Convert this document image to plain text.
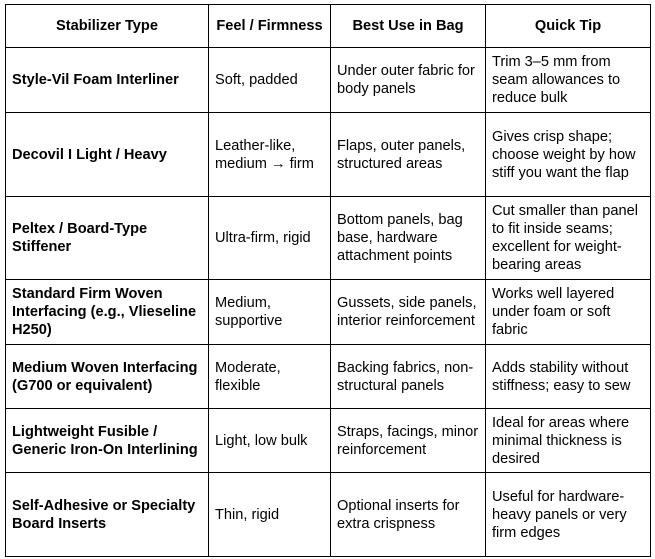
Stabilizer Type	Feel / Firmness	Best Use in Bag	Quick Tip
Style-Vil Foam Interliner	Soft, padded	Under outer fabric for body panels	Trim 3–5 mm from seam allowances to reduce bulk
Decovil I Light / Heavy	Leather-like, medium → firm	Flaps, outer panels, structured areas	Gives crisp shape; choose weight by how stiff you want the flap
Peltex / Board-Type Stiffener	Ultra-firm, rigid	Bottom panels, bag base, hardware attachment points	Cut smaller than panel to fit inside seams; excellent for weight-bearing areas
Standard Firm Woven Interfacing (e.g., Vlieseline H250)	Medium, supportive	Gussets, side panels, interior reinforcement	Works well layered under foam or soft fabric
Medium Woven Interfacing (G700 or equivalent)	Moderate, flexible	Backing fabrics, non-structural panels	Adds stability without stiffness; easy to sew
Lightweight Fusible / Generic Iron-On Interlining	Light, low bulk	Straps, facings, minor reinforcement	Ideal for areas where minimal thickness is desired
Self-Adhesive or Specialty Board Inserts	Thin, rigid	Optional inserts for extra crispness	Useful for hardware-heavy panels or very firm edges
